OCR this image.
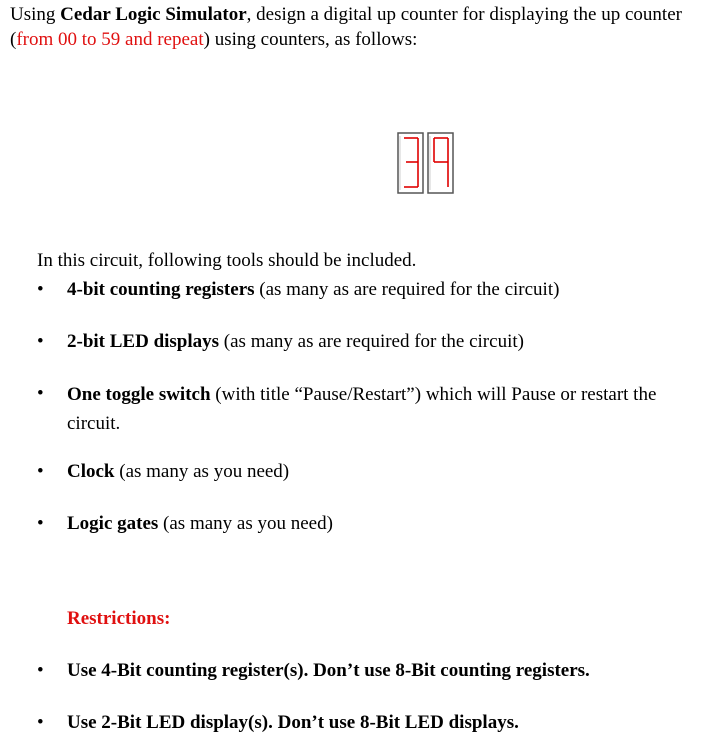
Using Cedar Logic Simulator, design a digital up counter for displaying the up counter (from 00 to 59 and repeat) using counters, as follows:

In this circuit, following tools should be included.

•	4-bit counting registers (as many as are required for the circuit)
•	2-bit LED displays (as many as are required for the circuit)
•	One toggle switch (with title “Pause/Restart”) which will Pause or restart the circuit.
•	Clock (as many as you need)
•	Logic gates (as many as you need)
Restrictions:
•	Use 4-Bit counting register(s). Don’t use 8-Bit counting registers.
•	Use 2-Bit LED display(s). Don’t use 8-Bit LED displays.
